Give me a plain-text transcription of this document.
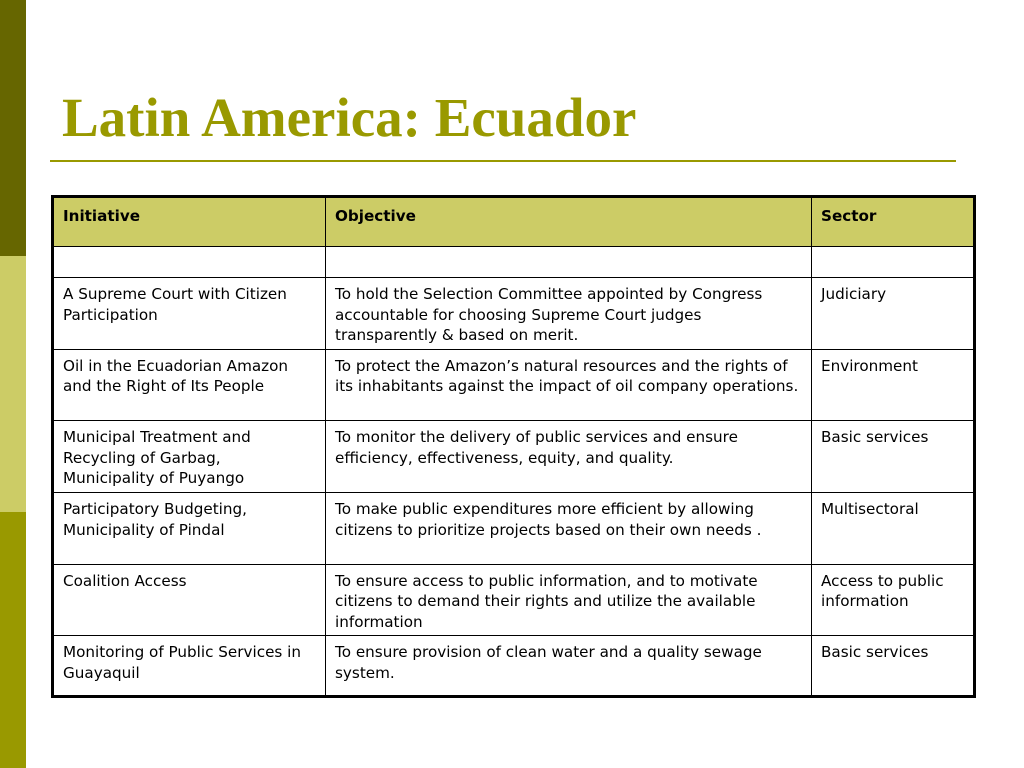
Latin America: Ecuador
Initiative	Objective	Sector

A Supreme Court with Citizen Participation	To hold the Selection Committee appointed by Congress accountable for choosing Supreme Court judges transparently & based on merit.	Judiciary
Oil in the Ecuadorian Amazon and the Right of Its People	To protect the Amazon’s natural resources and the rights of its inhabitants against the impact of oil company operations.	Environment
Municipal Treatment and Recycling of Garbag, Municipality of Puyango	To monitor the delivery of public services and ensure efficiency, effectiveness, equity, and quality.	Basic services
Participatory Budgeting, Municipality of Pindal	To make public expenditures more efficient by allowing citizens to prioritize projects based on their own needs .	Multisectoral
Coalition Access	To ensure access to public information, and to motivate citizens to demand their rights and utilize the available information	Access to public information
Monitoring of Public Services in Guayaquil	To ensure provision of clean water and a quality sewage system.	Basic services
